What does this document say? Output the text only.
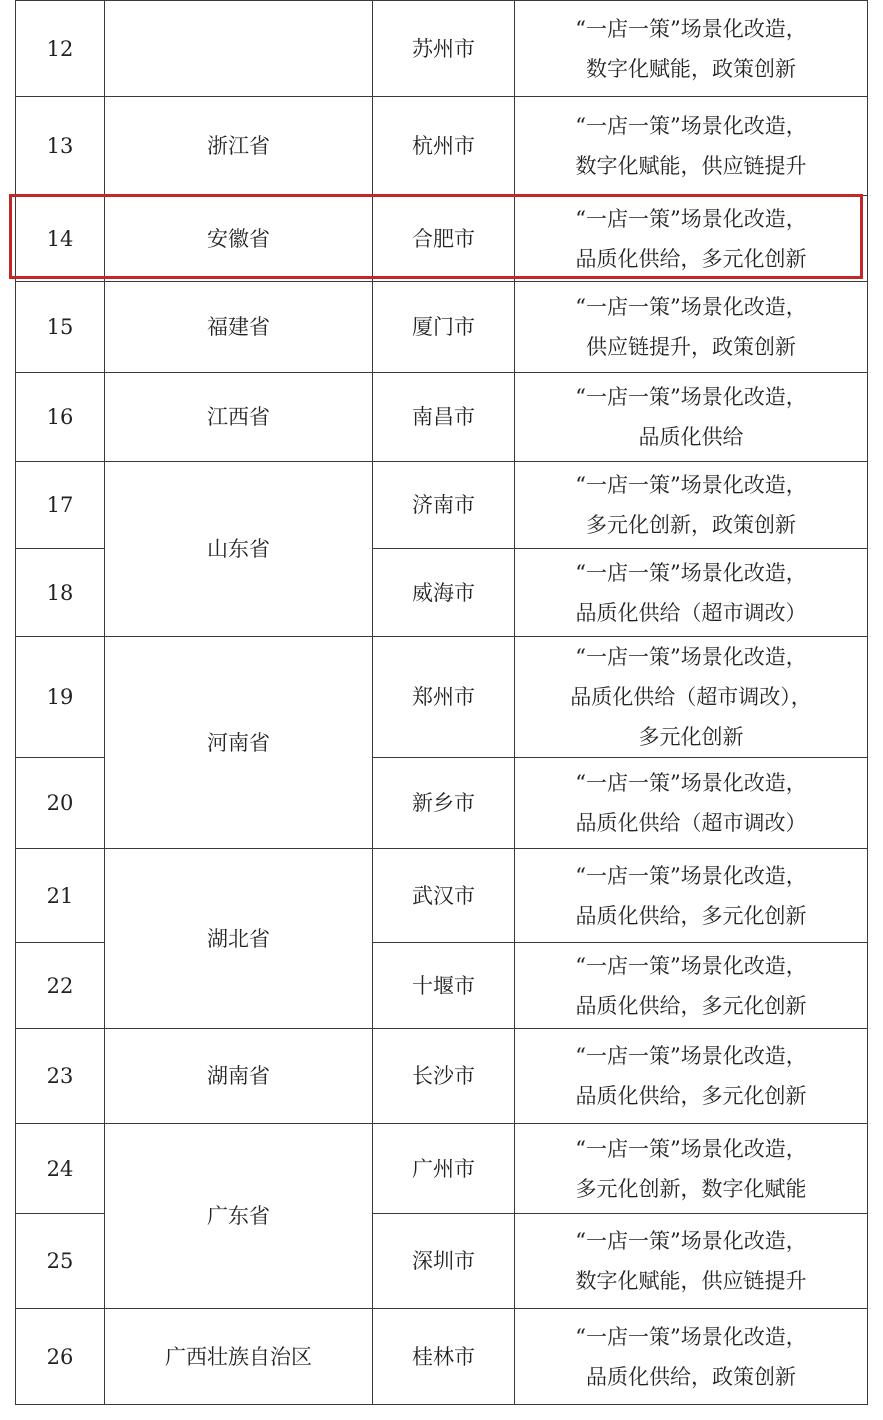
12		苏州市	“一店一策”场景化改造，
数字化赋能，政策创新

13	浙江省	杭州市	“一店一策”场景化改造，
数字化赋能，供应链提升

14	安徽省	合肥市	“一店一策”场景化改造，
品质化供给，多元化创新

15	福建省	厦门市	“一店一策”场景化改造，
供应链提升，政策创新

16	江西省	南昌市	“一店一策”场景化改造，
品质化供给

17	山东省	济南市	“一店一策”场景化改造，
多元化创新，政策创新

18		威海市	“一店一策”场景化改造，
品质化供给（超市调改）

19	河南省	郑州市	“一店一策”场景化改造，
品质化供给（超市调改），
多元化创新

20		新乡市	“一店一策”场景化改造，
品质化供给（超市调改）

21	湖北省	武汉市	“一店一策”场景化改造，
品质化供给，多元化创新

22		十堰市	“一店一策”场景化改造，
品质化供给，多元化创新

23	湖南省	长沙市	“一店一策”场景化改造，
品质化供给，多元化创新

24	广东省	广州市	“一店一策”场景化改造，
多元化创新，数字化赋能

25		深圳市	“一店一策”场景化改造，
数字化赋能，供应链提升

26	广西壮族自治区	桂林市	“一店一策”场景化改造，
品质化供给，政策创新
